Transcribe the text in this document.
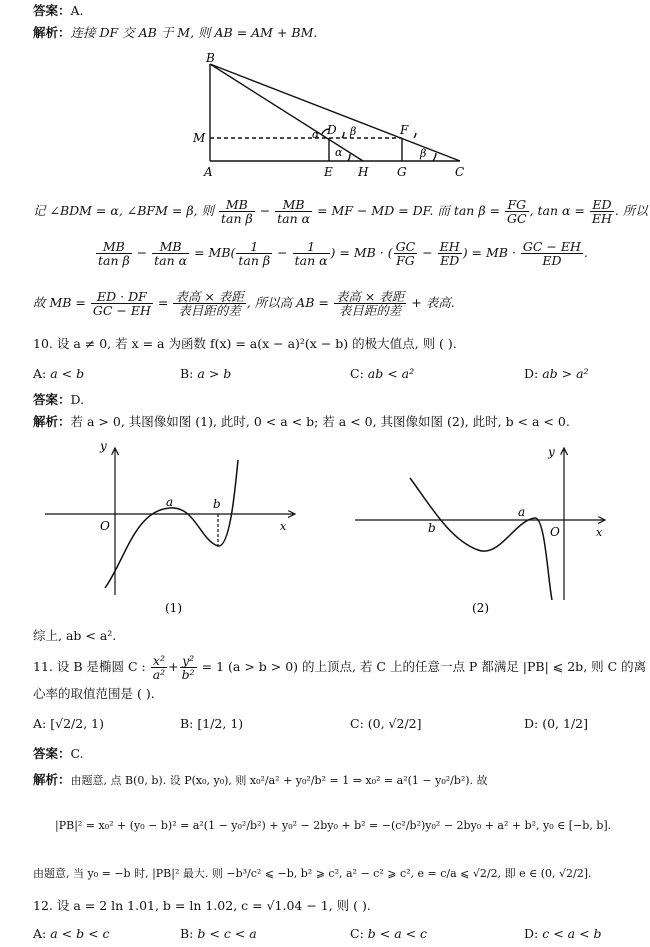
答案：A.
解析：连接 DF 交 AB 于 M, 则 AB = AM + BM.
B
M
A	E H G	C
D	F
α
α
β
β
记 ∠BDM = α, ∠BFM = β, 则 $\frac{MB}{\text{tan β}} - \frac{MB}{\text{tan α}}$ = MF − MD = DF. 而 $\tan \beta = \frac{FG}{GC}$ , $\tan \alpha = \frac{ED}{EH}$ . 所以
$\frac{MB}{\text{tan β}} - \frac{MB}{\text{tan α}} = MB( \frac{1}{\text{tan β}} - \frac{1}{\text{tan α}}$ ) = MB · ( $\frac{GC}{FG} - \frac{EH}{ED}$ ) = MB · $\frac{GC - EH}{ED}$ .
故 MB = $\frac{ED \cdot DF}{GC - EH} = \frac{\text{表高 × 表距}}{\text{表目距的差}}$ , 所以高 AB = $\frac{\text{表高 × 表距}}{\text{表目距的差}}$ + 表高.
10. 设 a ≠ 0, 若 x = a 为函数 f(x) = a(x − a)²(x − b) 的极大值点, 则 ( ).
A: a < b	B: a > b	C: ab < a²	D: ab > a²
答案：D.
解析：若 a > 0, 其图像如图 (1), 此时, 0 < a < b; 若 a < 0, 其图像如图 (2), 此时, b < a < 0.
y
x
O
a	b
(1)
y
x
O
a
b
(2)
综上, ab < a².
11. 设 B 是椭圆 C : $\frac{\text{x²}}{\text{a²}} + \frac{\text{y²}}{\text{b²}} = 1$ (a > b > 0) 的上顶点, 若 C 上的任意一点 P 都满足 |PB| ⩽ 2b, 则 C 的离
心率的取值范围是 ( ).
A: [√2/2, 1)	B: [1/2, 1)	C: (0, √2/2]	D: (0, 1/2]
答案：C.
解析：由题意, 点 B(0, b). 设 P(x₀, y₀), 则 x₀²/a² + y₀²/b² = 1 ⇒ x₀² = a²(1 − y₀²/b²). 故
|PB|² = x₀² + (y₀ − b)² = a²(1 − y₀²/b²) + y₀² − 2by₀ + b² = −(c²/b²)y₀² − 2by₀ + a² + b², y₀ ∈ [−b, b].
由题意, 当 y₀ = −b 时, |PB|² 最大. 则 −b³/c² ⩽ −b, b² ⩾ c², a² − c² ⩾ c², e = c/a ⩽ √2/2, 即 e ∈ (0, √2/2].
12. 设 a = 2 ln 1.01, b = ln 1.02, c = √1.04 − 1, 则 ( ).
A: a < b < c	B: b < c < a	C: b < a < c	D: c < a < b
